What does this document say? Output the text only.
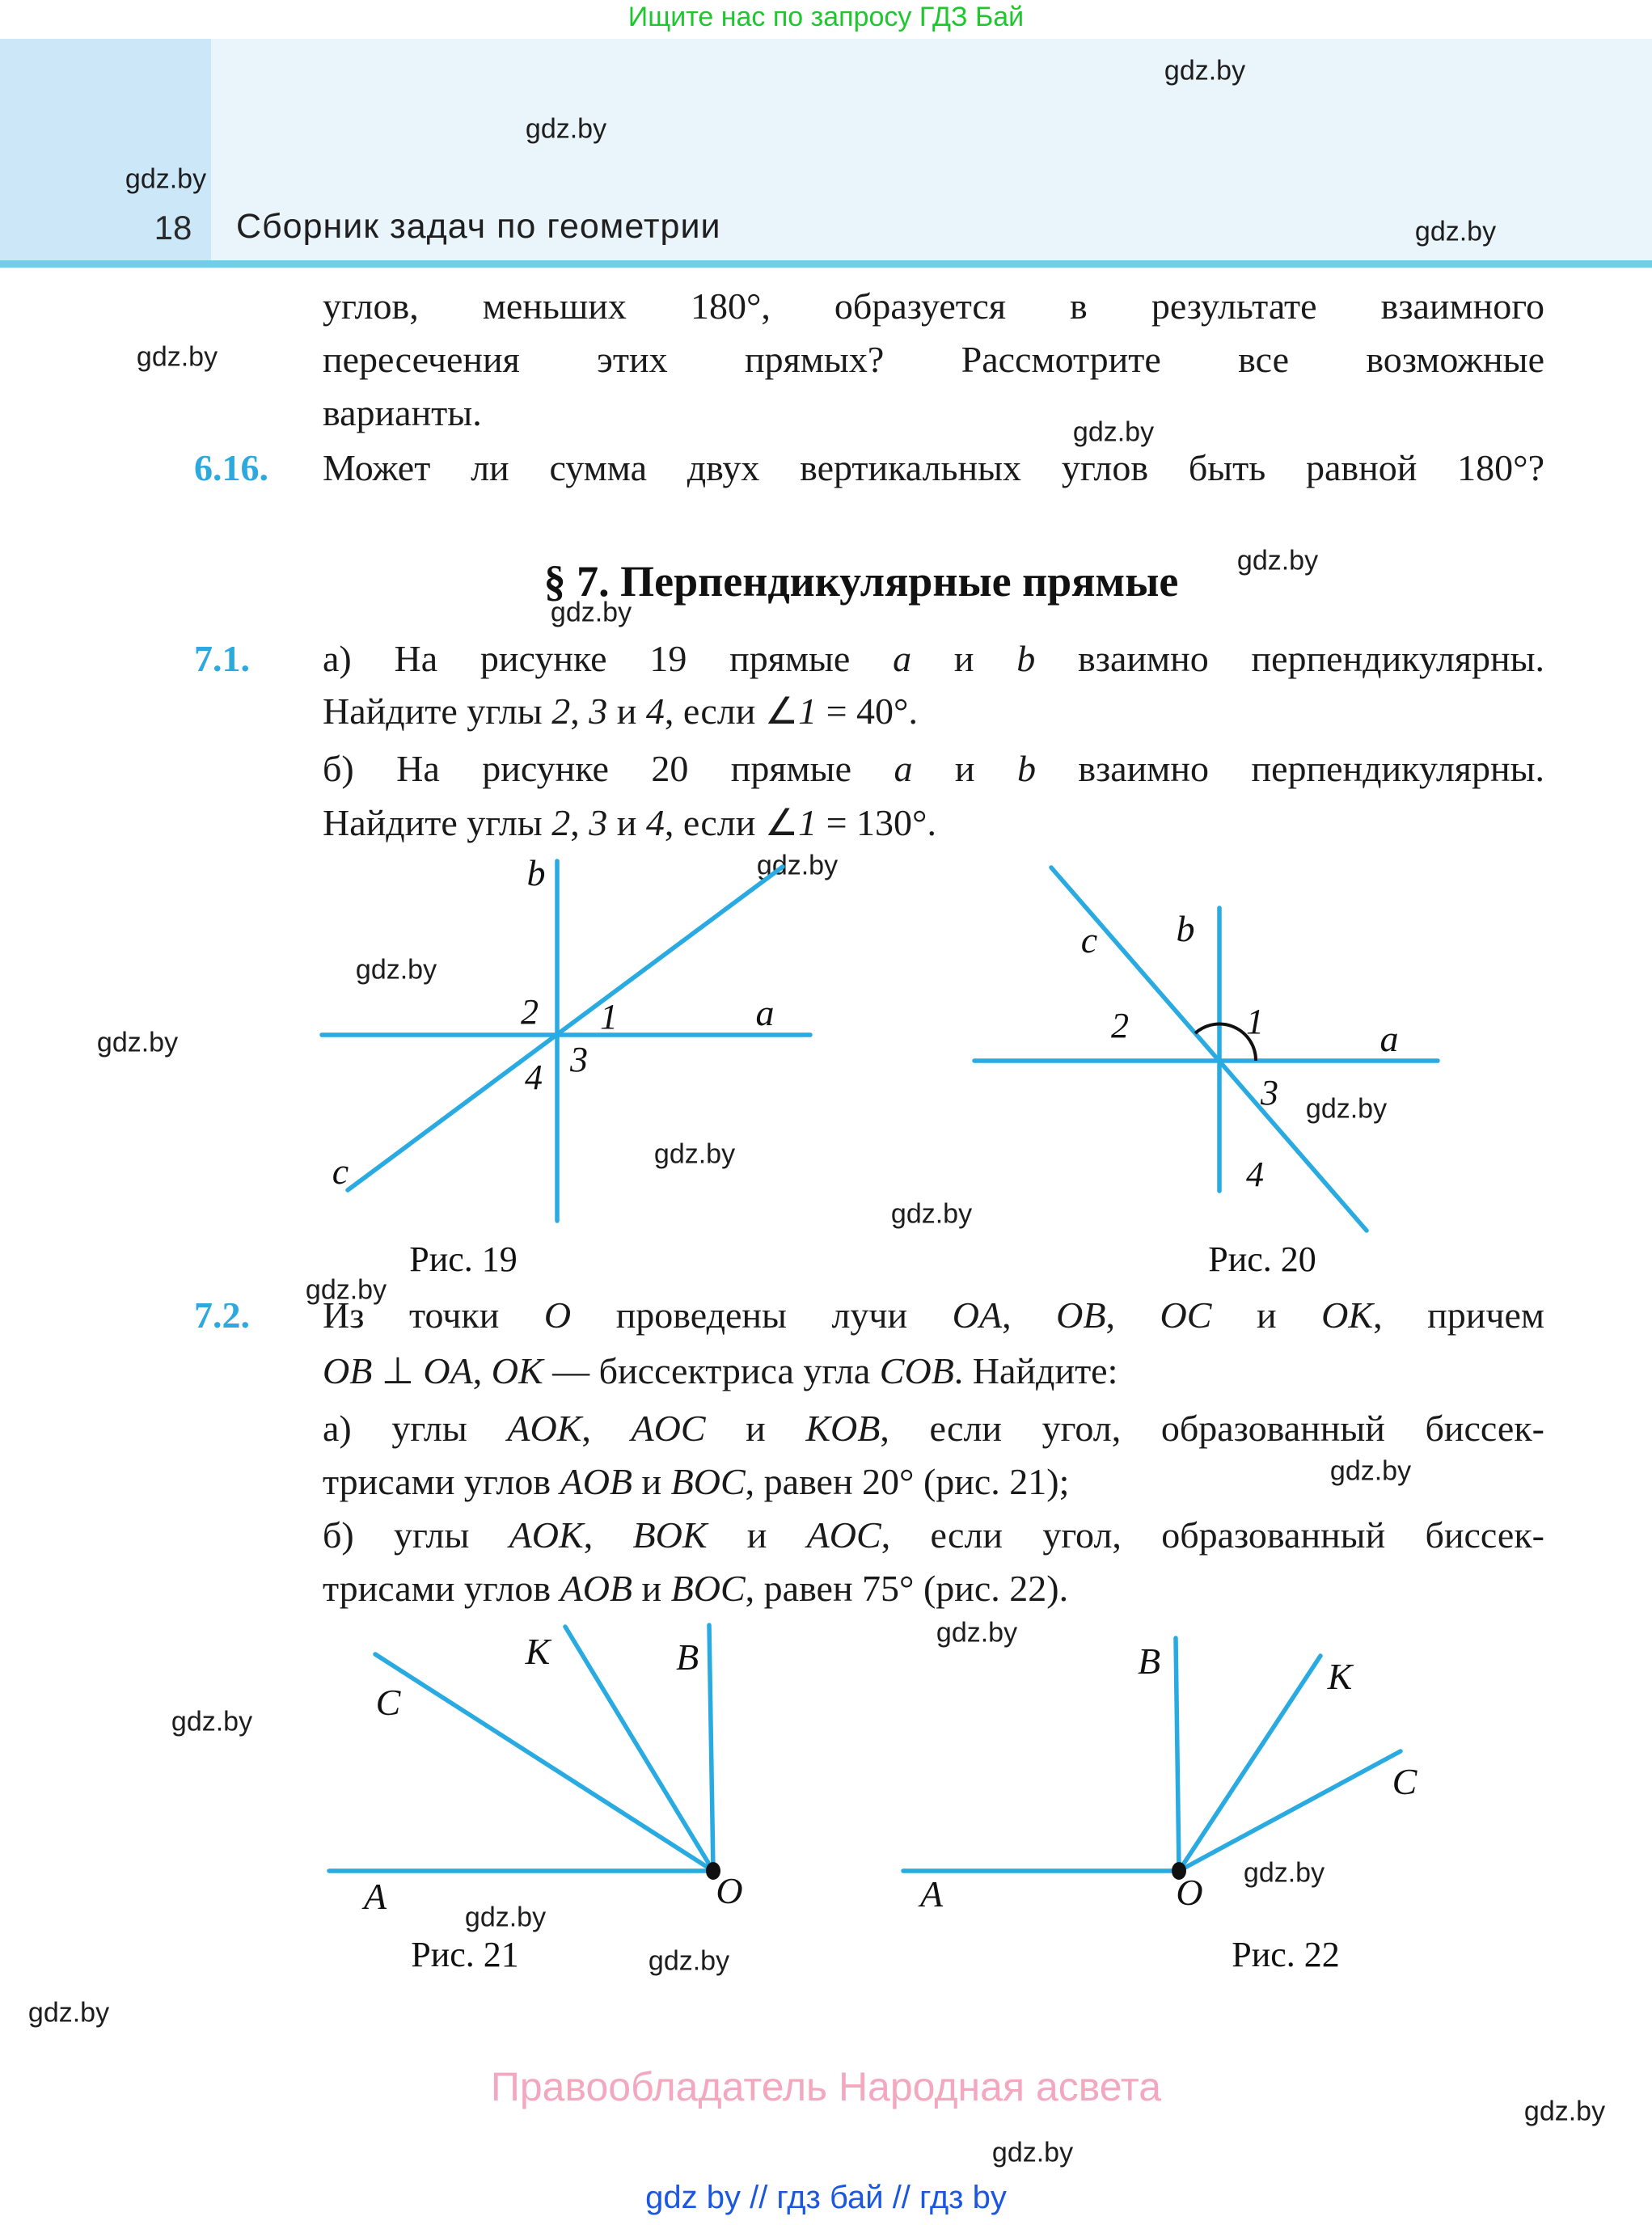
Ищите нас по запросу ГДЗ Бай
18	Сборник задач по геометрии
gdz.by
gdz.by
gdz.by
gdz.by
gdz.by
gdz.by
gdz.by
gdz.by
gdz.by
gdz.by
gdz.by
gdz.by
gdz.by
gdz.by
gdz.by
gdz.by
gdz.by
gdz.by
gdz.by
gdz.by
gdz.by
gdz.by
gdz.by
gdz.by
углов, меньших 180°, образуется в результате взаимного
пересечения этих прямых? Рассмотрите все возможные
варианты.
6.16.	Может ли сумма двух вертикальных углов быть равной 180°?
§ 7. Перпендикулярные прямые
7.1.	а) На рисунке 19 прямые a и b взаимно перпендикулярны.
Найдите углы 2, 3 и 4, если ∠1 = 40°.
б) На рисунке 20 прямые a и b взаимно перпендикулярны.
Найдите углы 2, 3 и 4, если ∠1 = 130°.
b
a
c
2 1
3
4
Рис. 19
c b
a
2	1
3
4
Рис. 20
7.2.	Из точки O проведены лучи OA, OB, OC и OK, причем
OB ⊥ OA, OK — биссектриса угла COB. Найдите:
а) углы AOK, AOC и KOB, если угол, образованный биссек-
трисами углов AOB и BOC, равен 20° (рис. 21);
б) углы AOK, BOK и AOC, если угол, образованный биссек-
трисами углов AOB и BOC, равен 75° (рис. 22).
B
K
C
A	O
Рис. 21
B	K
C
A	O
Рис. 22
Правообладатель Народная асвета
gdz by // гдз бай // гдз by
